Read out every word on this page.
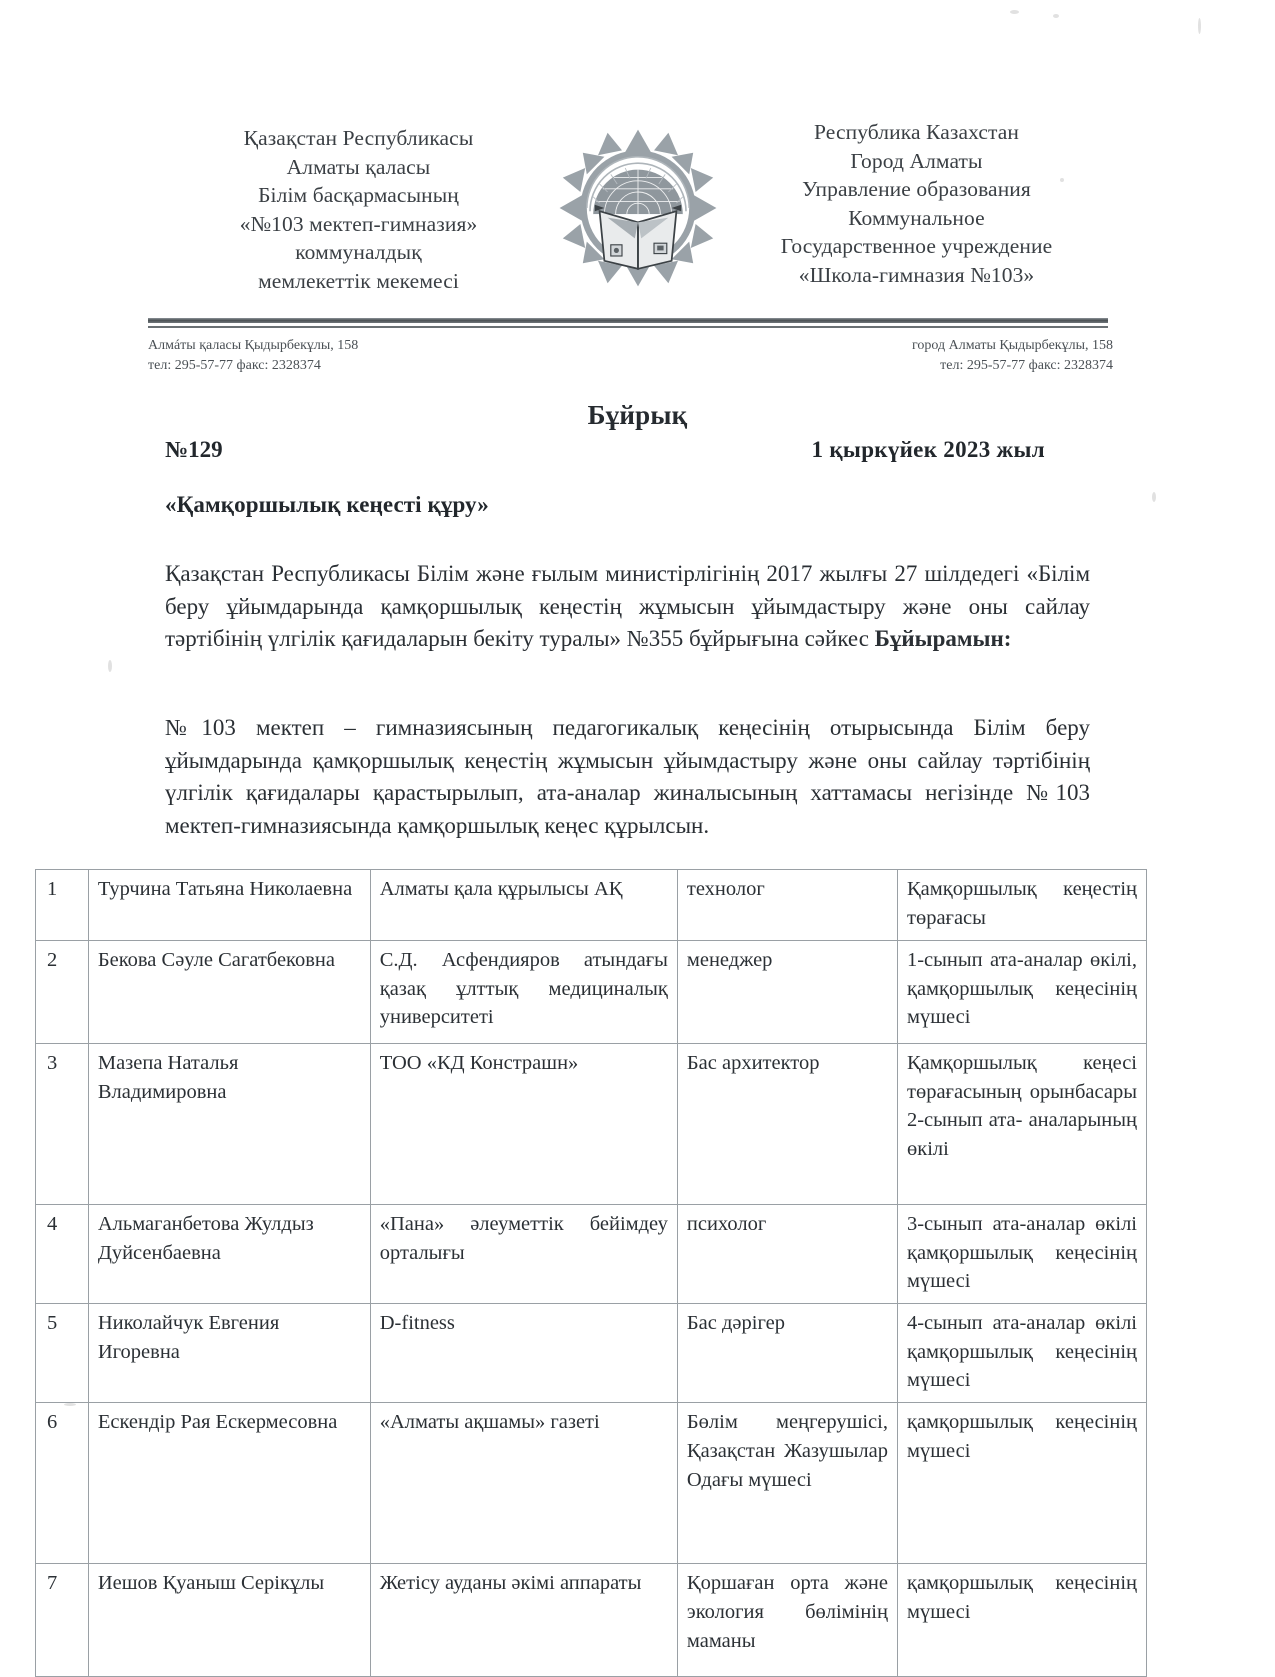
Қазақстан Республикасы
Алматы қаласы
Білім басқармасының
«№103 мектеп-гимназия»
коммуналдық
мемлекеттік мекемесі
Республика Казахстан
Город Алматы
Управление образования
Коммунальное
Государственное учреждение
«Школа-гимназия №103»
Алмáты қаласы Қыдырбекұлы, 158
тел: 295-57-77 факс: 2328374
город Алматы Қыдырбекұлы, 158
тел: 295-57-77 факс: 2328374
Бұйрық
№129	1 қыркүйек 2023 жыл
«Қамқоршылық кеңесті құру»
Қазақстан Республикасы Білім және ғылым министірлігінің 2017 жылғы 27 шілдедегі «Білім беру ұйымдарында қамқоршылық кеңестің жұмысын ұйымдастыру және оны сайлау тәртібінің үлгілік қағидаларын бекіту туралы» №355 бұйрығына сәйкес Бұйырамын:
№103 мектеп – гимназиясының педагогикалық кеңесінің отырысында Білім беру ұйымдарында қамқоршылық кеңестің жұмысын ұйымдастыру және оны сайлау тәртібінің үлгілік қағидалары қарастырылып, ата-аналар жиналысының хаттамасы негізінде №103 мектеп-гимназиясында қамқоршылық кеңес құрылсын.
1	Турчина Татьяна Николаевна	Алматы қала құрылысы АҚ	технолог	Қамқоршылық кеңестің төрағасы
2	Бекова Сәуле Сагатбековна	С.Д. Асфендияров атындағы қазақ ұлттық медициналық университеті	менеджер	1-сынып ата-аналар өкілі, қамқоршылық кеңесінің мүшесі
3	Мазепа Наталья Владимировна	ТОО «КД Констрашн»	Бас архитектор	Қамқоршылық кеңесі төрағасының орынбасары 2-сынып ата- аналарының өкілі
4	Альмаганбетова Жулдыз Дуйсенбаевна	«Пана» әлеуметтік бейімдеу орталығы	психолог	3-сынып ата-аналар өкілі қамқоршылық кеңесінің мүшесі
5	Николайчук Евгения Игоревна	D-fitness	Бас дәрігер	4-сынып ата-аналар өкілі қамқоршылық кеңесінің мүшесі
6	Ескендір Рая Ескермесовна	«Алматы ақшамы» газеті	Бөлім меңгерушісі, Қазақстан Жазушылар Одағы мүшесі	қамқоршылық кеңесінің мүшесі
7	Иешов Қуаныш Серікұлы	Жетісу ауданы әкімі аппараты	Қоршаған орта және экология бөлімінің маманы	қамқоршылық кеңесінің мүшесі
